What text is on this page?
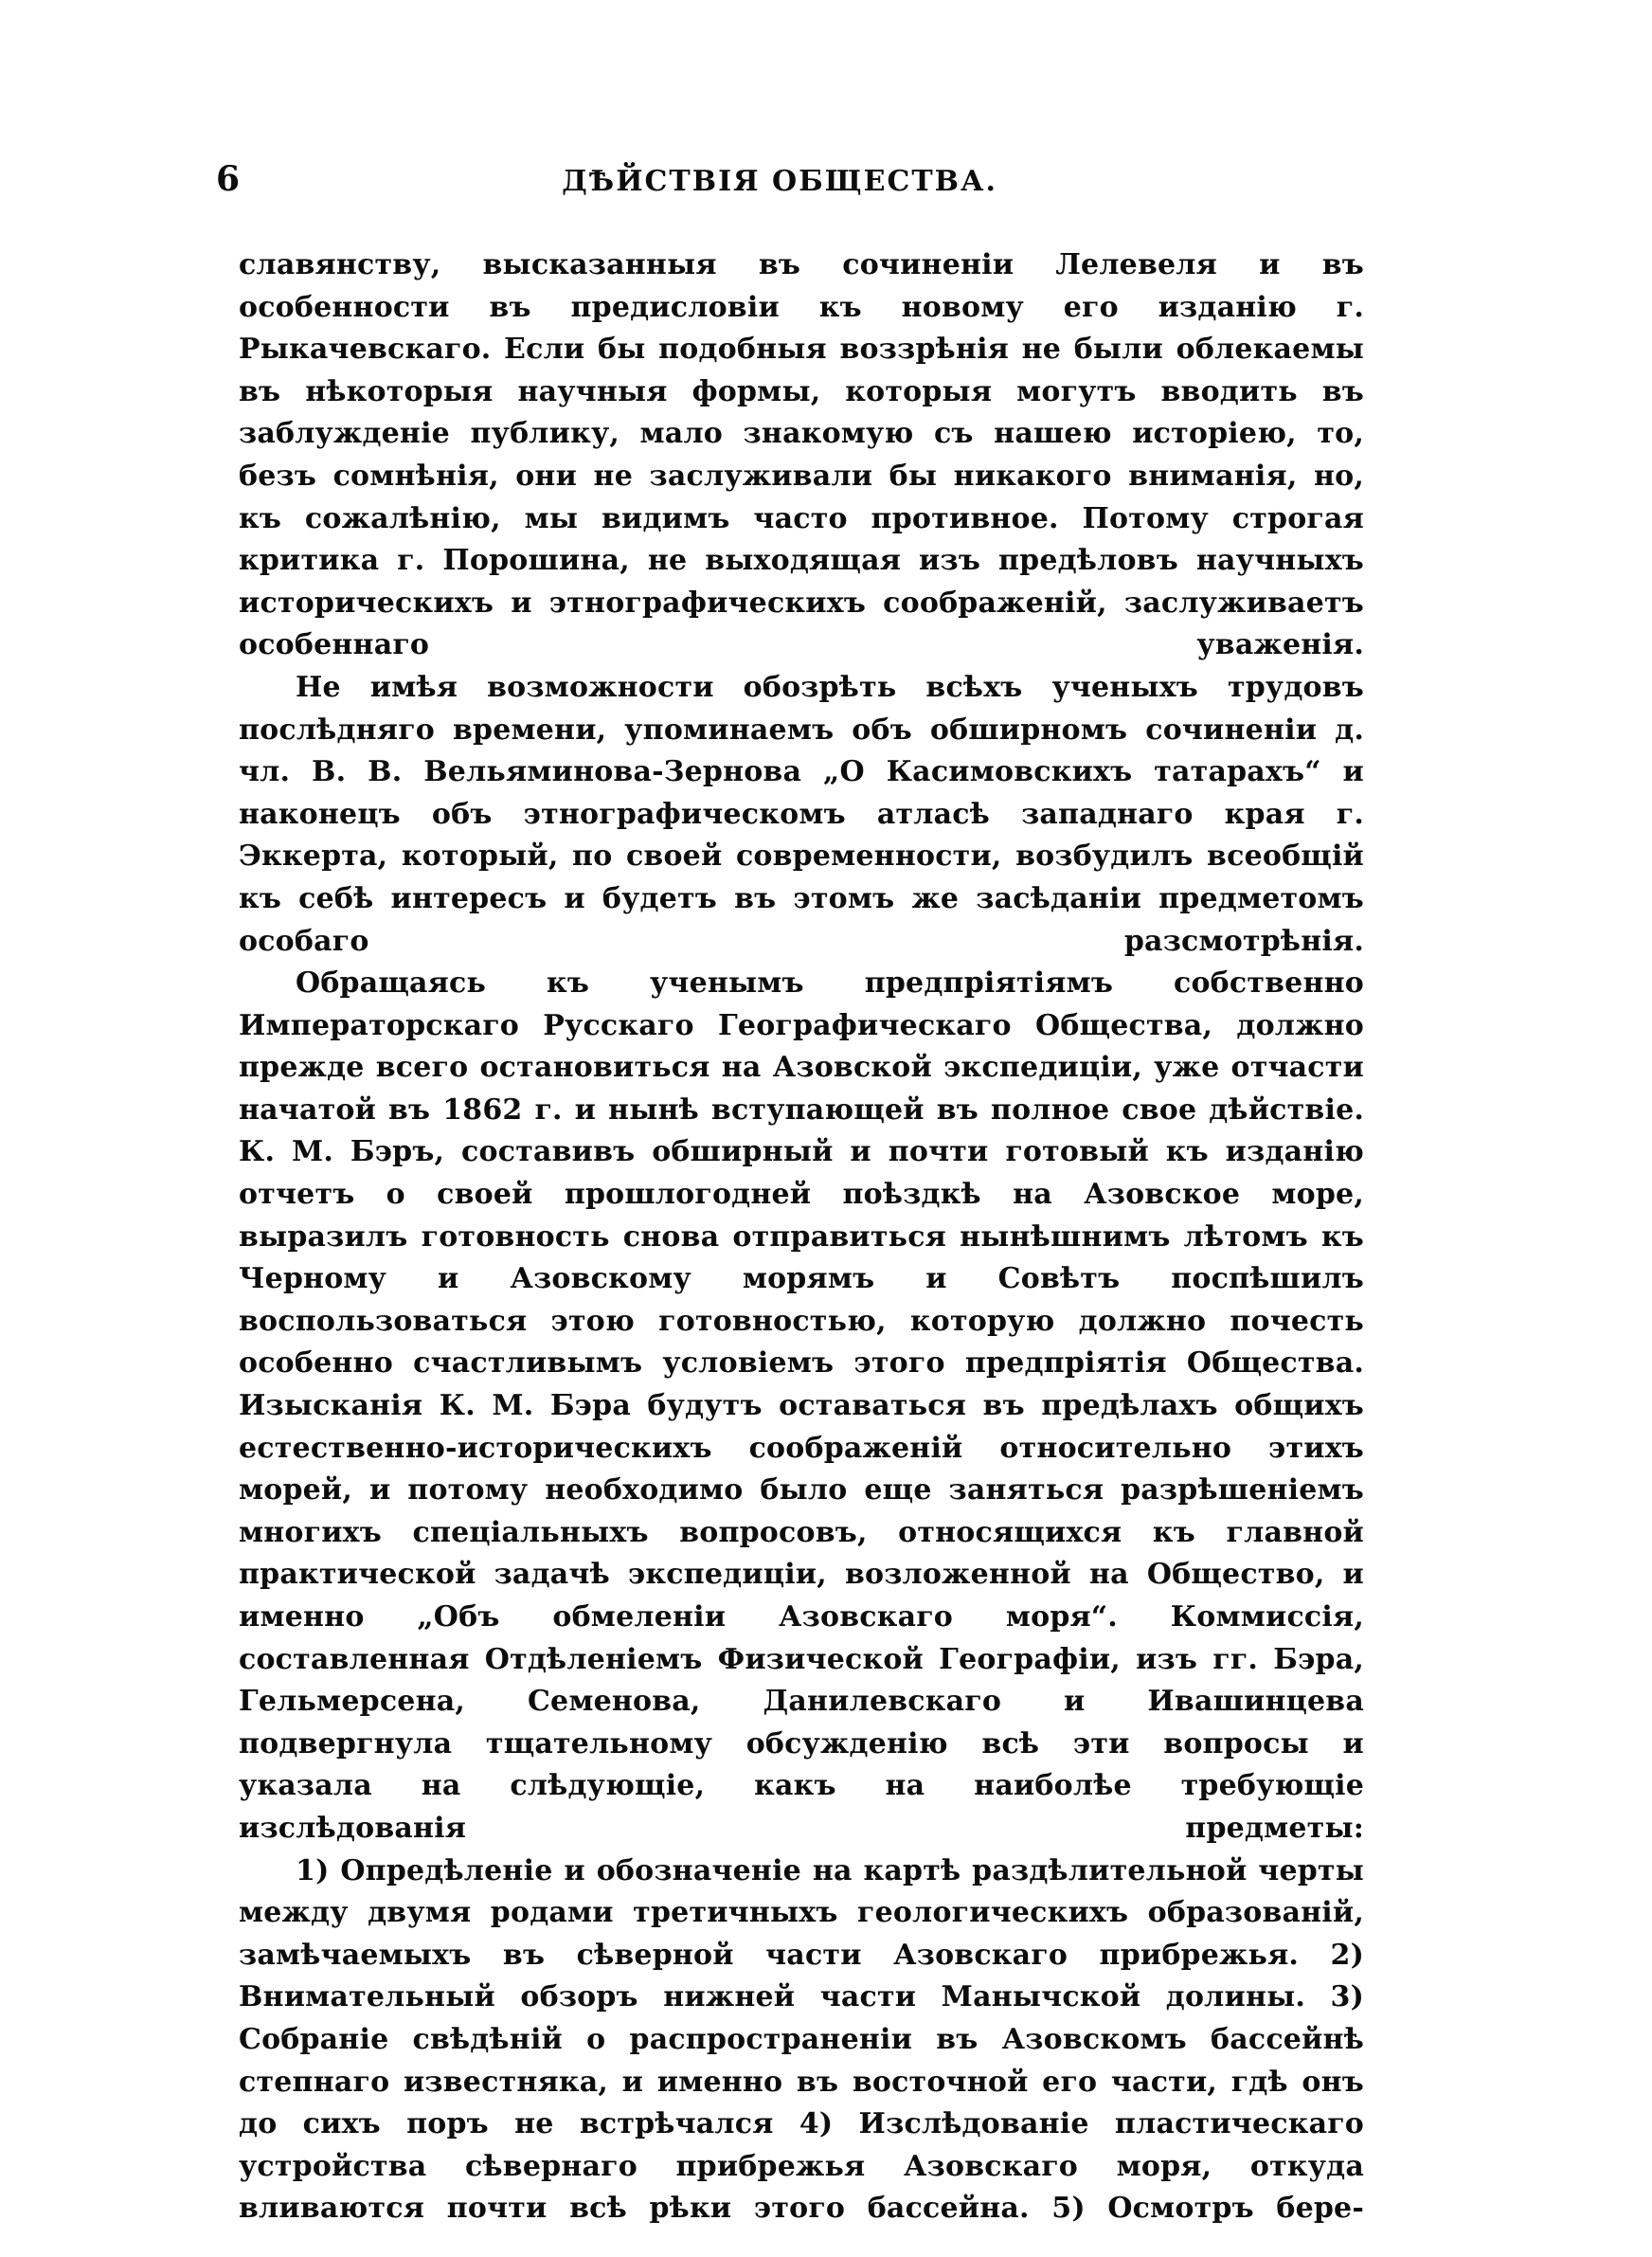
6	ДѢЙСТВІЯ ОБЩЕСТВА.

славянству, высказанныя въ сочиненіи Лелевеля и въ особенности въ предисловіи къ новому его изданію г. Рыкачевскаго. Если бы подобныя воззрѣнія не были облекаемы въ нѣкоторыя научныя формы, которыя могутъ вводить въ заблужденіе публику, мало знакомую съ нашею исторіею, то, безъ сомнѣнія, они не заслуживали бы никакого вниманія, но, къ сожалѣнію, мы видимъ часто противное. Потому строгая критика г. Порошина, не выходящая изъ предѣловъ научныхъ историческихъ и этнографическихъ соображеній, заслуживаетъ особеннаго уваженія.

Не имѣя возможности обозрѣть всѣхъ ученыхъ трудовъ послѣдняго времени, упоминаемъ объ обширномъ сочиненіи д. чл. В. В. Вельяминова-Зернова „О Касимовскихъ татарахъ“ и наконецъ объ этнографическомъ атласѣ западнаго края г. Эккерта, который, по своей современности, возбудилъ всеобщій къ себѣ интересъ и будетъ въ этомъ же засѣданіи предметомъ особаго разсмотрѣнія.

Обращаясь къ ученымъ предпріятіямъ собственно Императорскаго Русскаго Географическаго Общества, должно прежде всего остановиться на Азовской экспедиціи, уже отчасти начатой въ 1862 г. и нынѣ вступающей въ полное свое дѣйствіе. К. М. Бэръ, составивъ обширный и почти готовый къ изданію отчетъ о своей прошлогодней поѣздкѣ на Азовское море, выразилъ готовность снова отправиться нынѣшнимъ лѣтомъ къ Черному и Азовскому морямъ и Совѣтъ поспѣшилъ воспользоваться этою готовностью, которую должно почесть особенно счастливымъ условіемъ этого предпріятія Общества. Изысканія К. М. Бэра будутъ оставаться въ предѣлахъ общихъ естественно-историческихъ соображеній относительно этихъ морей, и потому необходимо было еще заняться разрѣшеніемъ многихъ спеціальныхъ вопросовъ, относящихся къ главной практической задачѣ экспедиціи, возложенной на Общество, и именно „Объ обмеленіи Азовскаго моря“. Коммиссія, составленная Отдѣленіемъ Физической Географіи, изъ гг. Бэра, Гельмерсена, Семенова, Данилевскаго и Ивашинцева подвергнула тщательному обсужденію всѣ эти вопросы и указала на слѣдующіе, какъ на наиболѣе требующіе изслѣдованія предметы:

1) Опредѣленіе и обозначеніе на картѣ раздѣлительной черты между двумя родами третичныхъ геологическихъ образованій, замѣчаемыхъ въ сѣверной части Азовскаго прибрежья. 2) Внимательный обзоръ нижней части Манычской долины. 3) Собраніе свѣдѣній о распространеніи въ Азовскомъ бассейнѣ степнаго известняка, и именно въ восточной его части, гдѣ онъ до сихъ поръ не встрѣчался 4) Изслѣдованіе пластическаго устройства сѣвернаго прибрежья Азовскаго моря, откуда вливаются почти всѣ рѣки этого бассейна. 5) Осмотръ бере-
